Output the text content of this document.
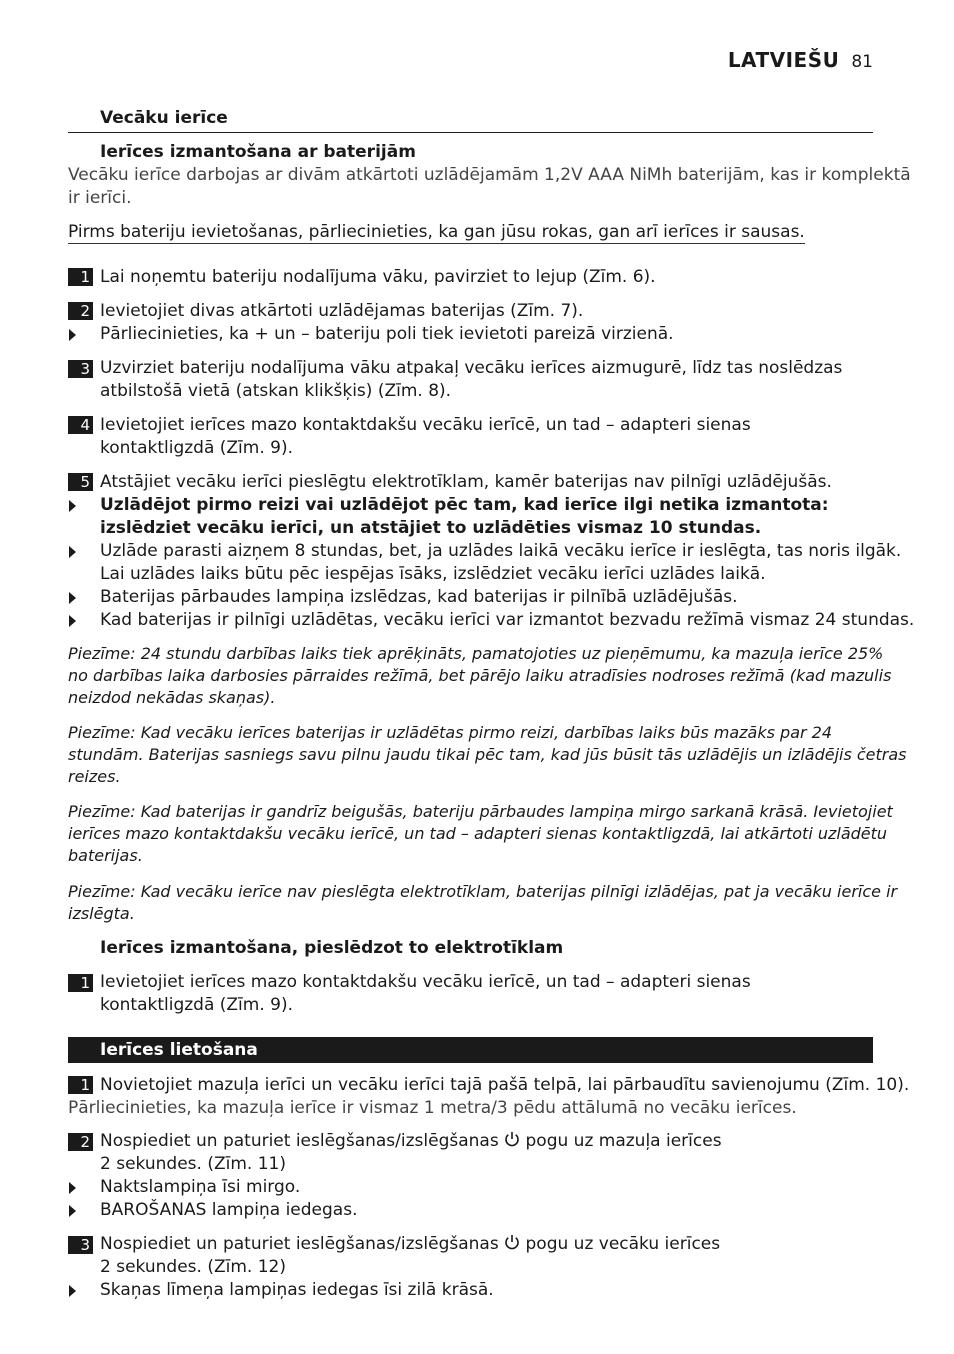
LATVIEŠU 81
Vecāku ierīce
Ierīces izmantošana ar baterijām
Vecāku ierīce darbojas ar divām atkārtoti uzlādējamām 1,2V AAA NiMh baterijām, kas ir komplektā
ir ierīci.
Pirms bateriju ievietošanas, pārliecinieties, ka gan jūsu rokas, gan arī ierīces ir sausas.
1 Lai noņemtu bateriju nodalījuma vāku, pavirziet to lejup (Zīm. 6).
2 Ievietojiet divas atkārtoti uzlādējamas baterijas (Zīm. 7).
Pārliecinieties, ka + un – bateriju poli tiek ievietoti pareizā virzienā.
3 Uzvirziet bateriju nodalījuma vāku atpakaļ vecāku ierīces aizmugurē, līdz tas noslēdzas
atbilstošā vietā (atskan klikšķis) (Zīm. 8).
4 Ievietojiet ierīces mazo kontaktdakšu vecāku ierīcē, un tad – adapteri sienas
kontaktligzdā (Zīm. 9).
5 Atstājiet vecāku ierīci pieslēgtu elektrotīklam, kamēr baterijas nav pilnīgi uzlādējušās.
Uzlādējot pirmo reizi vai uzlādējot pēc tam, kad ierīce ilgi netika izmantota:
izslēdziet vecāku ierīci, un atstājiet to uzlādēties vismaz 10 stundas.
Uzlāde parasti aizņem 8 stundas, bet, ja uzlādes laikā vecāku ierīce ir ieslēgta, tas noris ilgāk.
Lai uzlādes laiks būtu pēc iespējas īsāks, izslēdziet vecāku ierīci uzlādes laikā.
Baterijas pārbaudes lampiņa izslēdzas, kad baterijas ir pilnībā uzlādējušās.
Kad baterijas ir pilnīgi uzlādētas, vecāku ierīci var izmantot bezvadu režīmā vismaz 24 stundas.
Piezīme: 24 stundu darbības laiks tiek aprēķināts, pamatojoties uz pieņēmumu, ka mazuļa ierīce 25%
no darbības laika darbosies pārraides režīmā, bet pārējo laiku atradīsies nodroses režīmā (kad mazulis
neizdod nekādas skaņas).
Piezīme: Kad vecāku ierīces baterijas ir uzlādētas pirmo reizi, darbības laiks būs mazāks par 24
stundām. Baterijas sasniegs savu pilnu jaudu tikai pēc tam, kad jūs būsit tās uzlādējis un izlādējis četras
reizes.
Piezīme: Kad baterijas ir gandrīz beigušās, bateriju pārbaudes lampiņa mirgo sarkanā krāsā. Ievietojiet
ierīces mazo kontaktdakšu vecāku ierīcē, un tad – adapteri sienas kontaktligzdā, lai atkārtoti uzlādētu
baterijas.
Piezīme: Kad vecāku ierīce nav pieslēgta elektrotīklam, baterijas pilnīgi izlādējas, pat ja vecāku ierīce ir
izslēgta.
Ierīces izmantošana, pieslēdzot to elektrotīklam
1 Ievietojiet ierīces mazo kontaktdakšu vecāku ierīcē, un tad – adapteri sienas
kontaktligzdā (Zīm. 9).
Ierīces lietošana
1 Novietojiet mazuļa ierīci un vecāku ierīci tajā pašā telpā, lai pārbaudītu savienojumu (Zīm. 10).
Pārliecinieties, ka mazuļa ierīce ir vismaz 1 metra/3 pēdu attālumā no vecāku ierīces.
2 Nospiediet un paturiet ieslēgšanas/izslēgšanas pogu uz mazuļa ierīces
2 sekundes. (Zīm. 11)
Naktslampiņa īsi mirgo.
BAROŠANAS lampiņa iedegas.
3 Nospiediet un paturiet ieslēgšanas/izslēgšanas pogu uz vecāku ierīces
2 sekundes. (Zīm. 12)
Skaņas līmeņa lampiņas iedegas īsi zilā krāsā.
